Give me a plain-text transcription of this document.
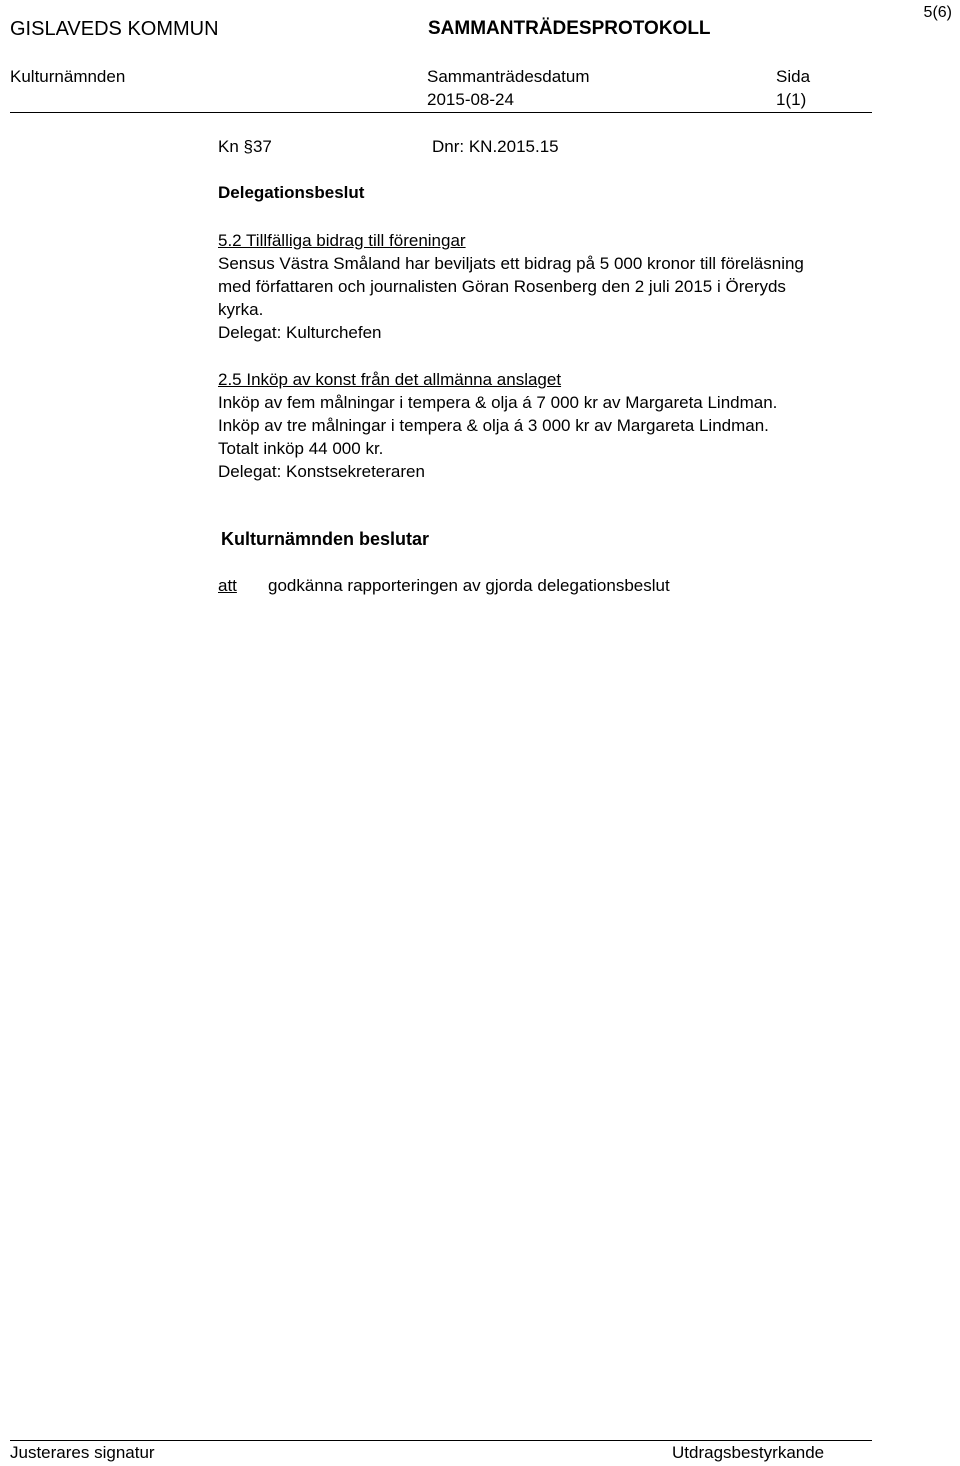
5(6)
GISLAVEDS KOMMUN	SAMMANTRÄDESPROTOKOLL
Kulturnämnden	Sammanträdesdatum	Sida
2015-08-24	1(1)
Kn §37	Dnr: KN.2015.15
Delegationsbeslut
5.2 Tillfälliga bidrag till föreningar
Sensus Västra Småland har beviljats ett bidrag på 5 000 kronor till föreläsning
med författaren och journalisten Göran Rosenberg den 2 juli 2015 i Öreryds
kyrka.
Delegat: Kulturchefen
2.5 Inköp av konst från det allmänna anslaget
Inköp av fem målningar i tempera & olja á 7 000 kr av Margareta Lindman.
Inköp av tre målningar i tempera & olja á 3 000 kr av Margareta Lindman.
Totalt inköp 44 000 kr.
Delegat: Konstsekreteraren
Kulturnämnden beslutar
att godkänna rapporteringen av gjorda delegationsbeslut
Justerares signatur	Utdragsbestyrkande
